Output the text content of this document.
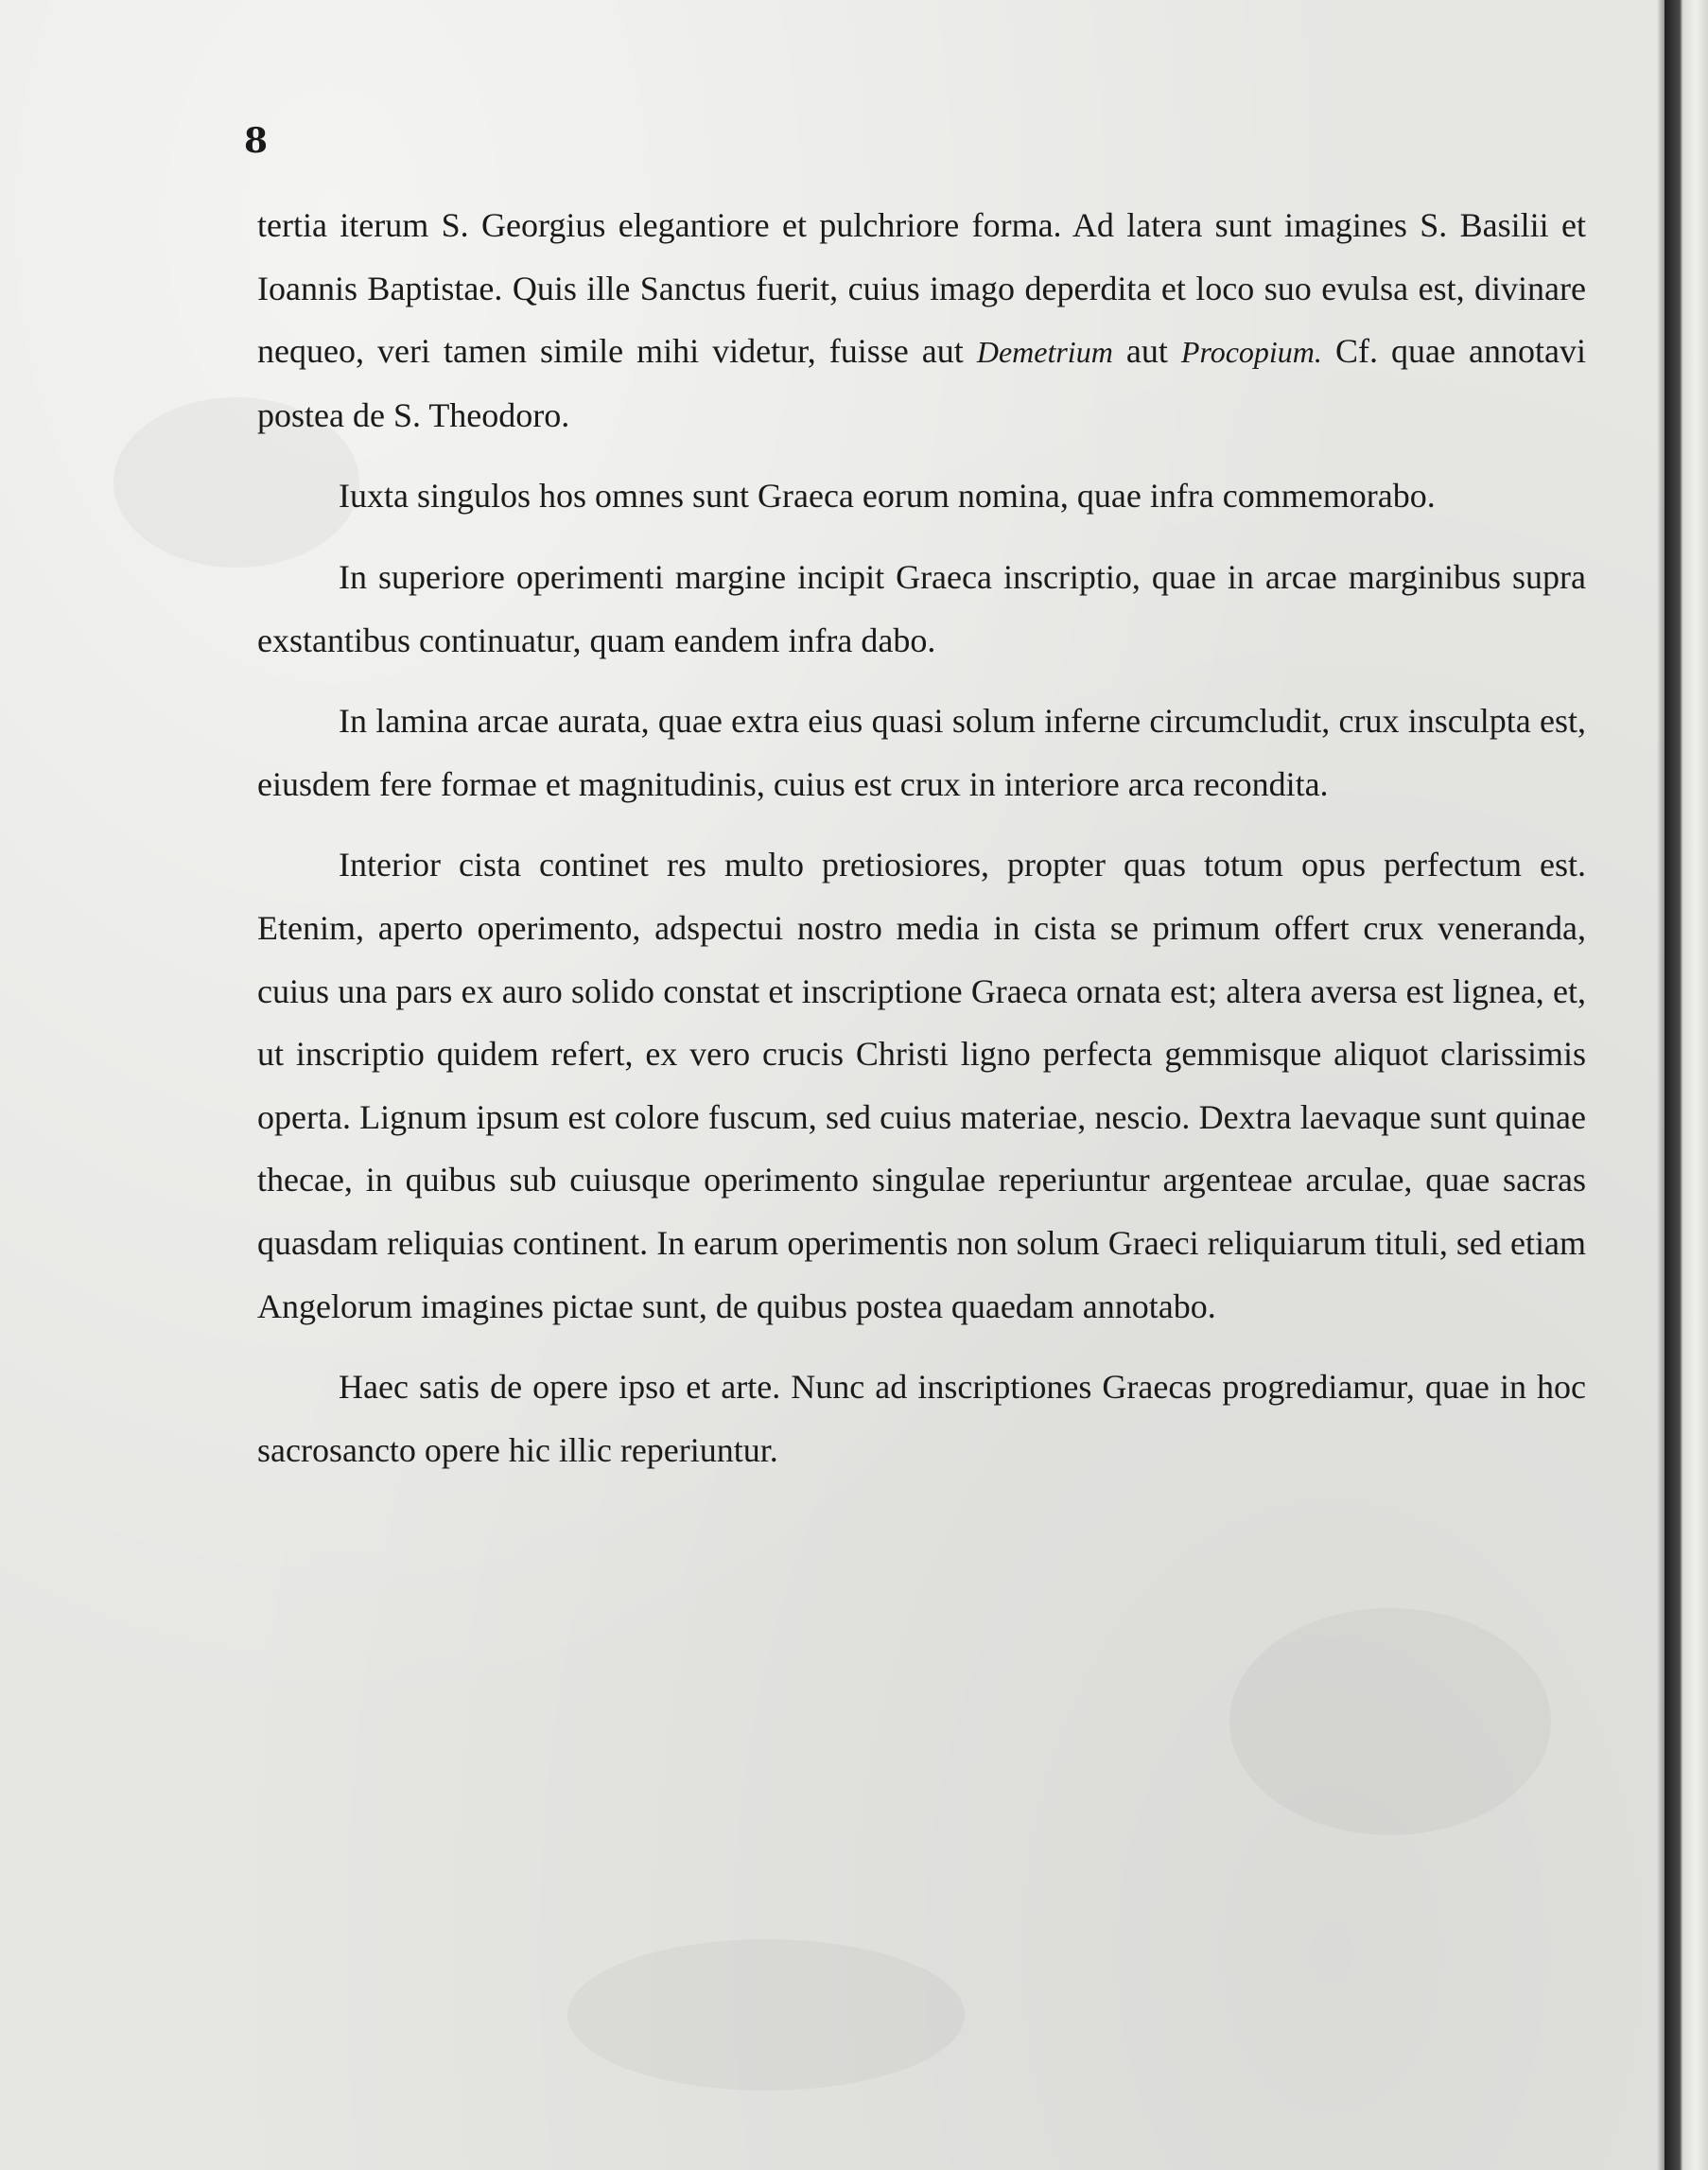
8

tertia iterum S. Georgius elegantiore et pulchriore forma. Ad latera sunt imagines S. Basilii et Ioannis Baptistae. Quis ille Sanctus fuerit, cuius imago deperdita et loco suo evulsa est, divinare nequeo, veri tamen simile mihi videtur, fuisse aut Demetrium aut Procopium. Cf. quae annotavi postea de S. Theodoro.

Iuxta singulos hos omnes sunt Graeca eorum nomina, quae infra commemorabo.

In superiore operimenti margine incipit Graeca inscriptio, quae in arcae marginibus supra exstantibus continuatur, quam eandem infra dabo.

In lamina arcae aurata, quae extra eius quasi solum inferne circumcludit, crux insculpta est, eiusdem fere formae et magnitudinis, cuius est crux in interiore arca recondita.

Interior cista continet res multo pretiosiores, propter quas totum opus perfectum est. Etenim, aperto operimento, adspectui nostro media in cista se primum offert crux veneranda, cuius una pars ex auro solido constat et inscriptione Graeca ornata est; altera aversa est lignea, et, ut inscriptio quidem refert, ex vero crucis Christi ligno perfecta gemmisque aliquot clarissimis operta. Lignum ipsum est colore fuscum, sed cuius materiae, nescio. Dextra laevaque sunt quinae thecae, in quibus sub cuiusque operimento singulae reperiuntur argenteae arculae, quae sacras quasdam reliquias continent. In earum operimentis non solum Graeci reliquiarum tituli, sed etiam Angelorum imagines pictae sunt, de quibus postea quaedam annotabo.

Haec satis de opere ipso et arte. Nunc ad inscriptiones Graecas progrediamur, quae in hoc sacrosancto opere hic illic reperiuntur.
